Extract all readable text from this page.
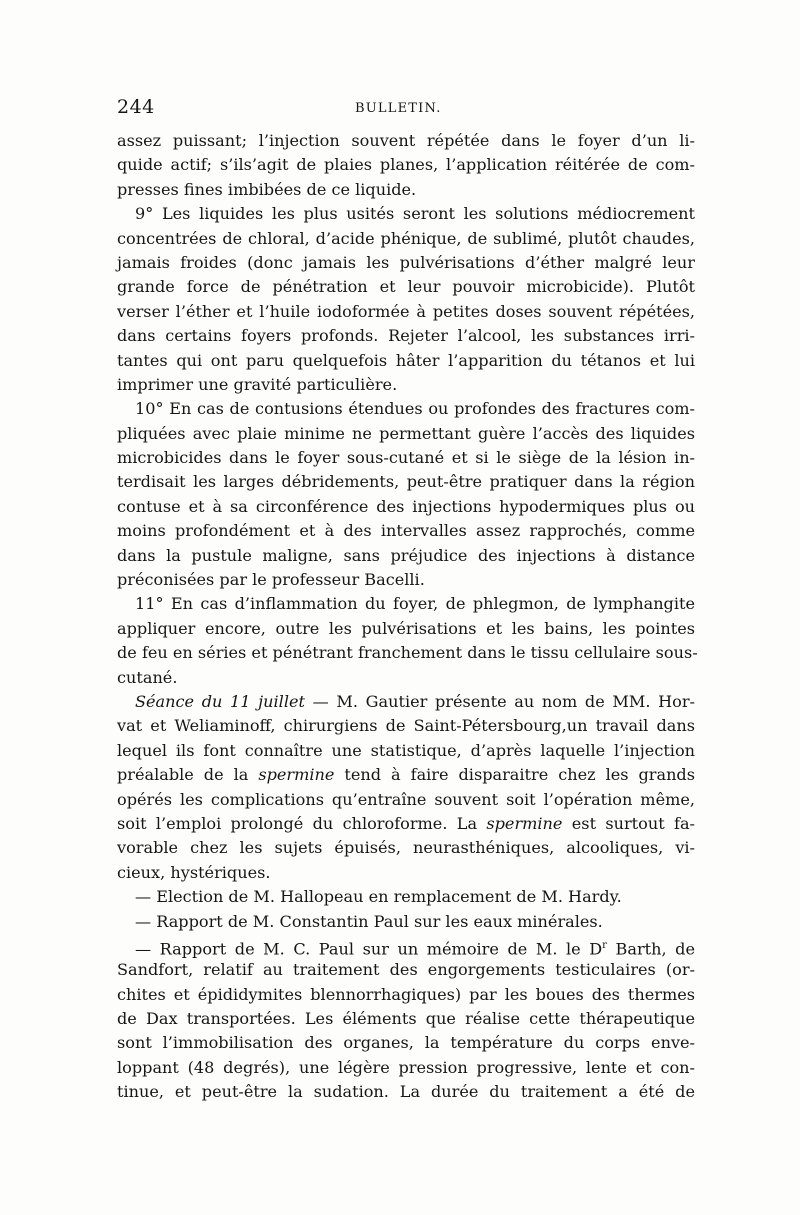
244	BULLETIN.
assez puissant; l’injection souvent répétée dans le foyer d’un li-
quide actif; s’ils’agit de plaies planes, l’application réitérée de com-
presses fines imbibées de ce liquide.
9° Les liquides les plus usités seront les solutions médiocrement
concentrées de chloral, d’acide phénique, de sublimé, plutôt chaudes,
jamais froides (donc jamais les pulvérisations d’éther malgré leur
grande force de pénétration et leur pouvoir microbicide). Plutôt
verser l’éther et l’huile iodoformée à petites doses souvent répétées,
dans certains foyers profonds. Rejeter l’alcool, les substances irri-
tantes qui ont paru quelquefois hâter l’apparition du tétanos et lui
imprimer une gravité particulière.
10° En cas de contusions étendues ou profondes des fractures com-
pliquées avec plaie minime ne permettant guère l’accès des liquides
microbicides dans le foyer sous-cutané et si le siège de la lésion in-
terdisait les larges débridements, peut-être pratiquer dans la région
contuse et à sa circonférence des injections hypodermiques plus ou
moins profondément et à des intervalles assez rapprochés, comme
dans la pustule maligne, sans préjudice des injections à distance
préconisées par le professeur Bacelli.
11° En cas d’inflammation du foyer, de phlegmon, de lymphangite
appliquer encore, outre les pulvérisations et les bains, les pointes
de feu en séries et pénétrant franchement dans le tissu cellulaire sous-
cutané.
Séance du 11 juillet — M. Gautier présente au nom de MM. Hor-
vat et Weliaminoff, chirurgiens de Saint-Pétersbourg,un travail dans
lequel ils font connaître une statistique, d’après laquelle l’injection
préalable de la spermine tend à faire disparaitre chez les grands
opérés les complications qu’entraîne souvent soit l’opération même,
soit l’emploi prolongé du chloroforme. La spermine est surtout fa-
vorable chez les sujets épuisés, neurasthéniques, alcooliques, vi-
cieux, hystériques.
— Election de M. Hallopeau en remplacement de M. Hardy.
— Rapport de M. Constantin Paul sur les eaux minérales.
— Rapport de M. C. Paul sur un mémoire de M. le $D^r$ Barth, de
Sandfort, relatif au traitement des engorgements testiculaires (or-
chites et épididymites blennorrhagiques) par les boues des thermes
de Dax transportées. Les éléments que réalise cette thérapeutique
sont l’immobilisation des organes, la température du corps enve-
loppant (48 degrés), une légère pression progressive, lente et con-
tinue, et peut-être la sudation. La durée du traitement a été de
